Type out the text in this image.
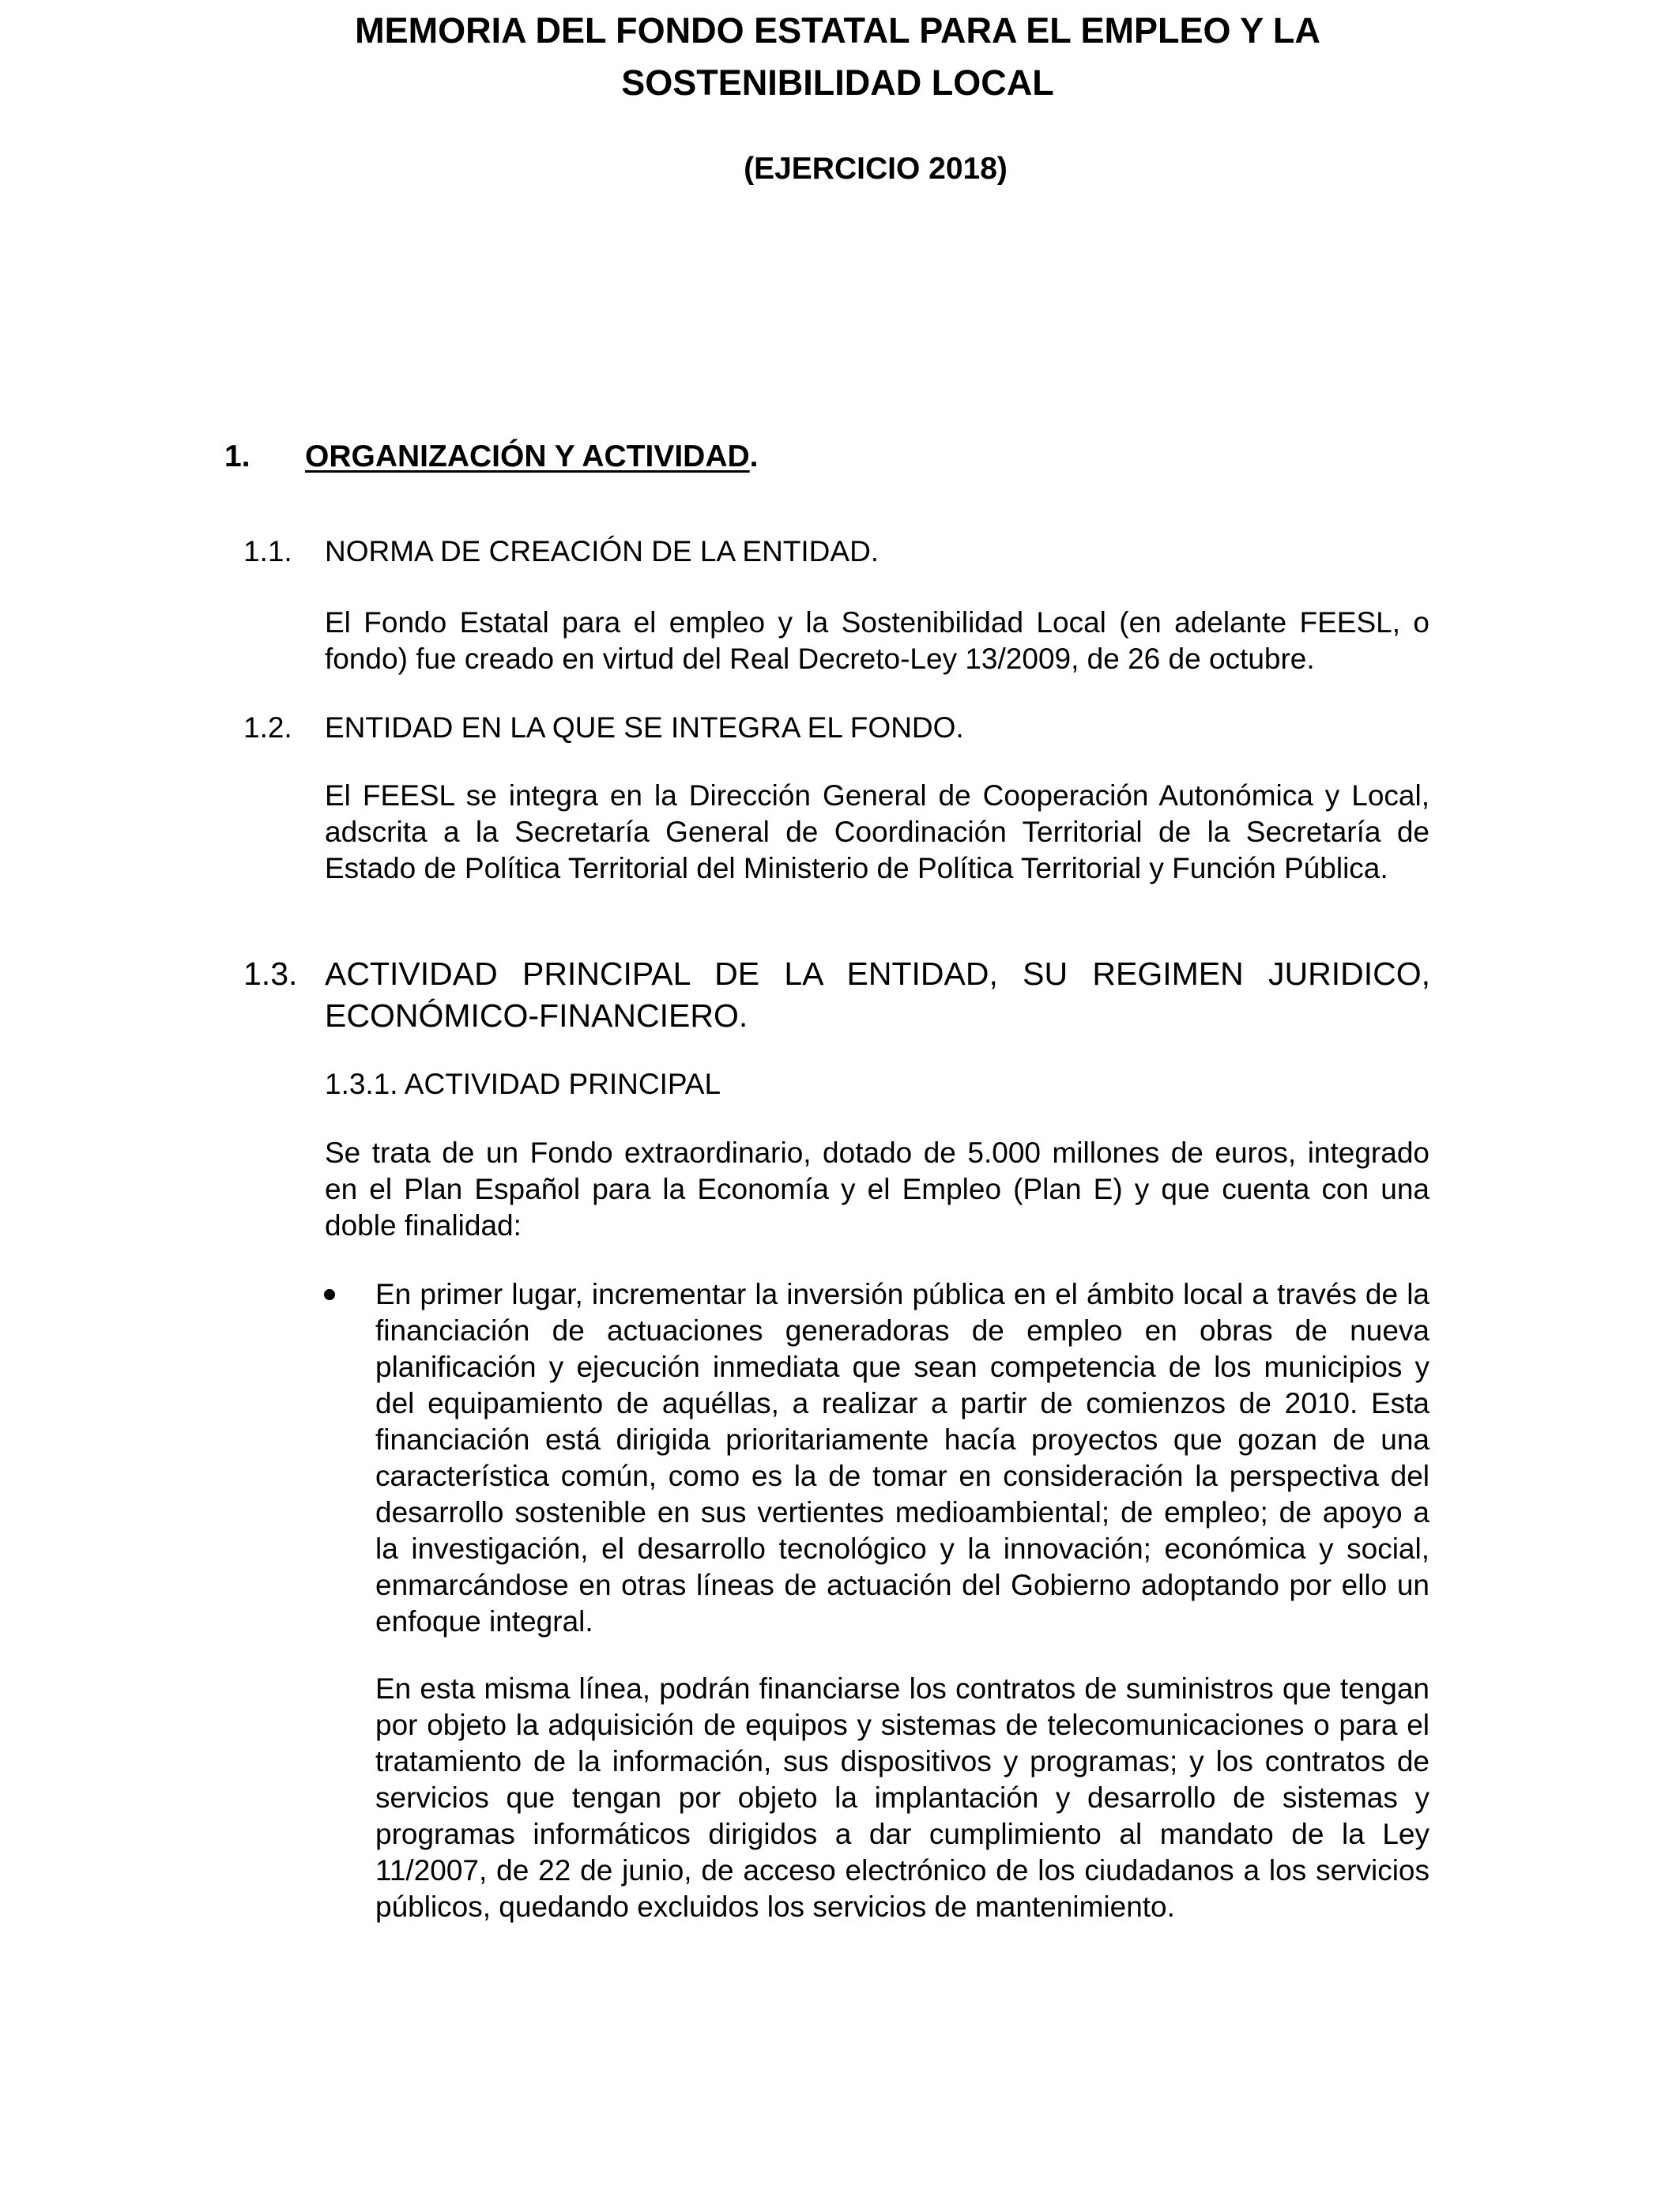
MEMORIA DEL FONDO ESTATAL PARA EL EMPLEO Y LA
SOSTENIBILIDAD LOCAL
(EJERCICIO 2018)
1. ORGANIZACIÓN Y ACTIVIDAD.
1.1. NORMA DE CREACIÓN DE LA ENTIDAD.
El Fondo Estatal para el empleo y la Sostenibilidad Local (en adelante FEESL, o fondo) fue creado en virtud del Real Decreto-Ley 13/2009, de 26 de octubre.
1.2. ENTIDAD EN LA QUE SE INTEGRA EL FONDO.
El FEESL se integra en la Dirección General de Cooperación Autonómica y Local, adscrita a la Secretaría General de Coordinación Territorial de la Secretaría de Estado de Política Territorial del Ministerio de Política Territorial y Función Pública.
1.3. ACTIVIDAD PRINCIPAL DE LA ENTIDAD, SU REGIMEN JURIDICO, ECONÓMICO-FINANCIERO.
1.3.1. ACTIVIDAD PRINCIPAL
Se trata de un Fondo extraordinario, dotado de 5.000 millones de euros, integrado en el Plan Español para la Economía y el Empleo (Plan E) y que cuenta con una doble finalidad:
En primer lugar, incrementar la inversión pública en el ámbito local a través de la financiación de actuaciones generadoras de empleo en obras de nueva planificación y ejecución inmediata que sean competencia de los municipios y del equipamiento de aquéllas, a realizar a partir de comienzos de 2010. Esta financiación está dirigida prioritariamente hacía proyectos que gozan de una característica común, como es la de tomar en consideración la perspectiva del desarrollo sostenible en sus vertientes medioambiental; de empleo; de apoyo a la investigación, el desarrollo tecnológico y la innovación; económica y social, enmarcándose en otras líneas de actuación del Gobierno adoptando por ello un enfoque integral.
En esta misma línea, podrán financiarse los contratos de suministros que tengan por objeto la adquisición de equipos y sistemas de telecomunicaciones o para el tratamiento de la información, sus dispositivos y programas; y los contratos de servicios que tengan por objeto la implantación y desarrollo de sistemas y programas informáticos dirigidos a dar cumplimiento al mandato de la Ley 11/2007, de 22 de junio, de acceso electrónico de los ciudadanos a los servicios públicos, quedando excluidos los servicios de mantenimiento.
